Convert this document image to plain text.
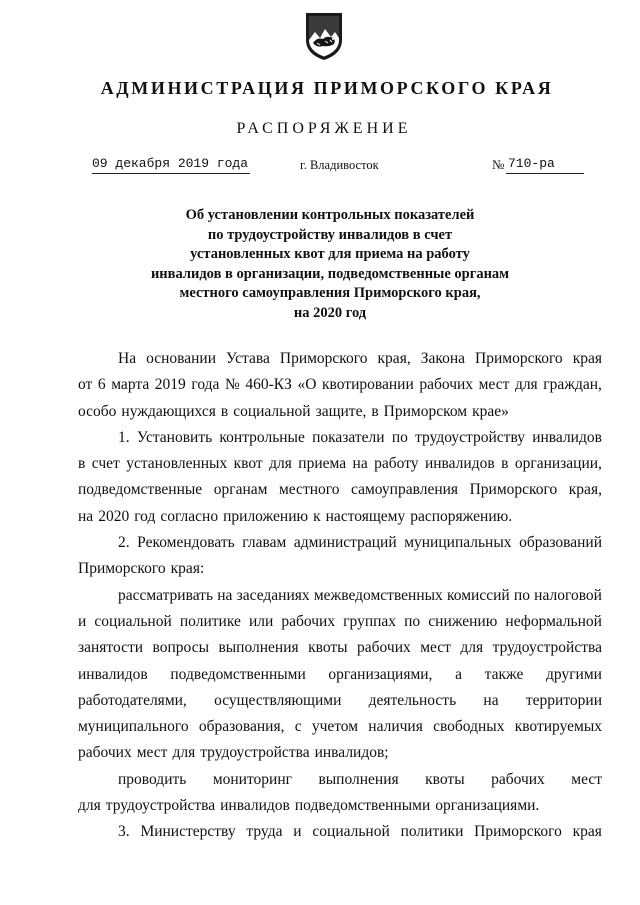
АДМИНИСТРАЦИЯ ПРИМОРСКОГО КРАЯ
РАСПОРЯЖЕНИЕ
09 декабря 2019 года	г. Владивосток	№ 710-ра
Об установлении контрольных показателей
по трудоустройству инвалидов в счет
установленных квот для приема на работу
инвалидов в организации, подведомственные органам
местного самоуправления Приморского края,
на 2020 год
На основании Устава Приморского края, Закона Приморского края
от 6 марта 2019 года № 460-КЗ «О квотировании рабочих мест для граждан,
особо нуждающихся в социальной защите, в Приморском крае»
1. Установить контрольные показатели по трудоустройству инвалидов
в счет установленных квот для приема на работу инвалидов в организации,
подведомственные органам местного самоуправления Приморского края,
на 2020 год согласно приложению к настоящему распоряжению.
2. Рекомендовать главам администраций муниципальных образований
Приморского края:
рассматривать на заседаниях межведомственных комиссий по налоговой
и социальной политике или рабочих группах по снижению неформальной
занятости вопросы выполнения квоты рабочих мест для трудоустройства
инвалидов подведомственными организациями, а также другими
работодателями, осуществляющими деятельность на территории
муниципального образования, с учетом наличия свободных квотируемых
рабочих мест для трудоустройства инвалидов;
проводить мониторинг выполнения квоты рабочих мест
для трудоустройства инвалидов подведомственными организациями.
3. Министерству труда и социальной политики Приморского края
